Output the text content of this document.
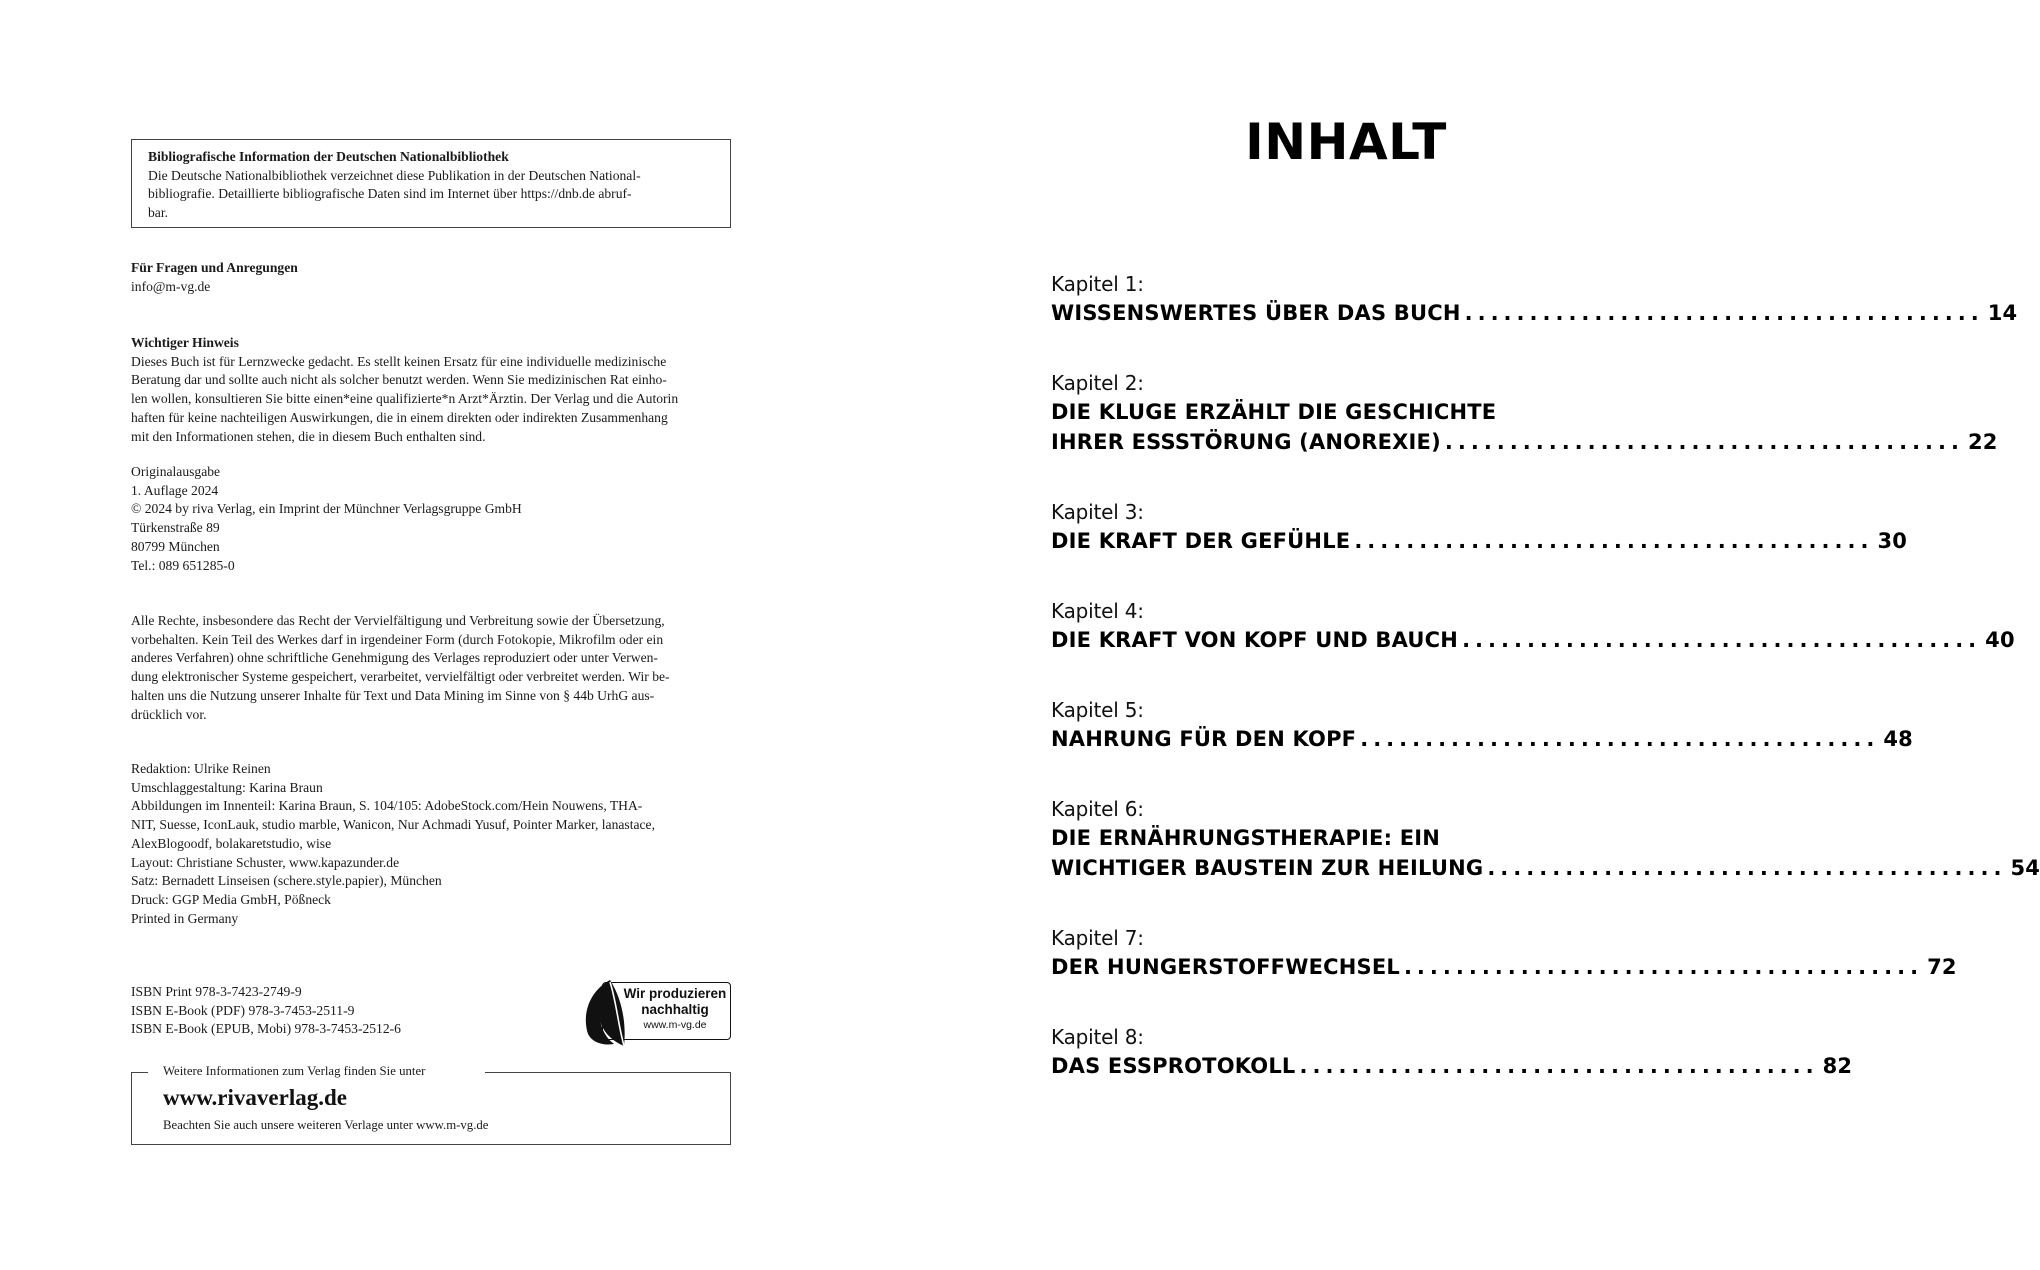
Bibliografische Information der Deutschen Nationalbibliothek

Die Deutsche Nationalbibliothek verzeichnet diese Publikation in der Deutschen National-
bibliografie. Detaillierte bibliografische Daten sind im Internet über https://dnb.de abruf-
bar.

Für Fragen und Anregungen

info@m-vg.de

Wichtiger Hinweis

Dieses Buch ist für Lernzwecke gedacht. Es stellt keinen Ersatz für eine individuelle medizinische
Beratung dar und sollte auch nicht als solcher benutzt werden. Wenn Sie medizinischen Rat einho-
len wollen, konsultieren Sie bitte einen*eine qualifizierte*n Arzt*Ärztin. Der Verlag und die Autorin
haften für keine nachteiligen Auswirkungen, die in einem direkten oder indirekten Zusammenhang
mit den Informationen stehen, die in diesem Buch enthalten sind.

Originalausgabe
1. Auflage 2024
© 2024 by riva Verlag, ein Imprint der Münchner Verlagsgruppe GmbH
Türkenstraße 89
80799 München
Tel.: 089 651285-0
Alle Rechte, insbesondere das Recht der Vervielfältigung und Verbreitung sowie der Übersetzung,
vorbehalten. Kein Teil des Werkes darf in irgendeiner Form (durch Fotokopie, Mikrofilm oder ein
anderes Verfahren) ohne schriftliche Genehmigung des Verlages reproduziert oder unter Verwen-
dung elektronischer Systeme gespeichert, verarbeitet, vervielfältigt oder verbreitet werden. Wir be-
halten uns die Nutzung unserer Inhalte für Text und Data Mining im Sinne von § 44b UrhG aus-
drücklich vor.
Redaktion: Ulrike Reinen
Umschlaggestaltung: Karina Braun
Abbildungen im Innenteil: Karina Braun, S. 104/105: AdobeStock.com/Hein Nouwens, THA-
NIT, Suesse, IconLauk, studio marble, Wanicon, Nur Achmadi Yusuf, Pointer Marker, lanastace,
AlexBlogoodf, bolakaretstudio, wise
Layout: Christiane Schuster, www.kapazunder.de
Satz: Bernadett Linseisen (schere.style.papier), München
Druck: GGP Media GmbH, Pößneck
Printed in Germany
ISBN Print 978-3-7423-2749-9
ISBN E-Book (PDF) 978-3-7453-2511-9
ISBN E-Book (EPUB, Mobi) 978-3-7453-2512-6
Wir produzieren
nachhaltig
www.m-vg.de
Weitere Informationen zum Verlag finden Sie unter
www.rivaverlag.de
Beachten Sie auch unsere weiteren Verlage unter www.m-vg.de
INHALT
Kapitel 1:
WISSENSWERTES ÜBER DAS BUCH ........................................ 14
Kapitel 2:
DIE KLUGE ERZÄHLT DIE GESCHICHTE
IHRER ESSSTÖRUNG (ANOREXIE) ........................................ 22
Kapitel 3:
DIE KRAFT DER GEFÜHLE ........................................ 30
Kapitel 4:
DIE KRAFT VON KOPF UND BAUCH ........................................ 40
Kapitel 5:
NAHRUNG FÜR DEN KOPF ........................................ 48
Kapitel 6:
DIE ERNÄHRUNGSTHERAPIE: EIN
WICHTIGER BAUSTEIN ZUR HEILUNG ........................................ 54
Kapitel 7:
DER HUNGERSTOFFWECHSEL ........................................ 72
Kapitel 8:
DAS ESSPROTOKOLL ........................................ 82
